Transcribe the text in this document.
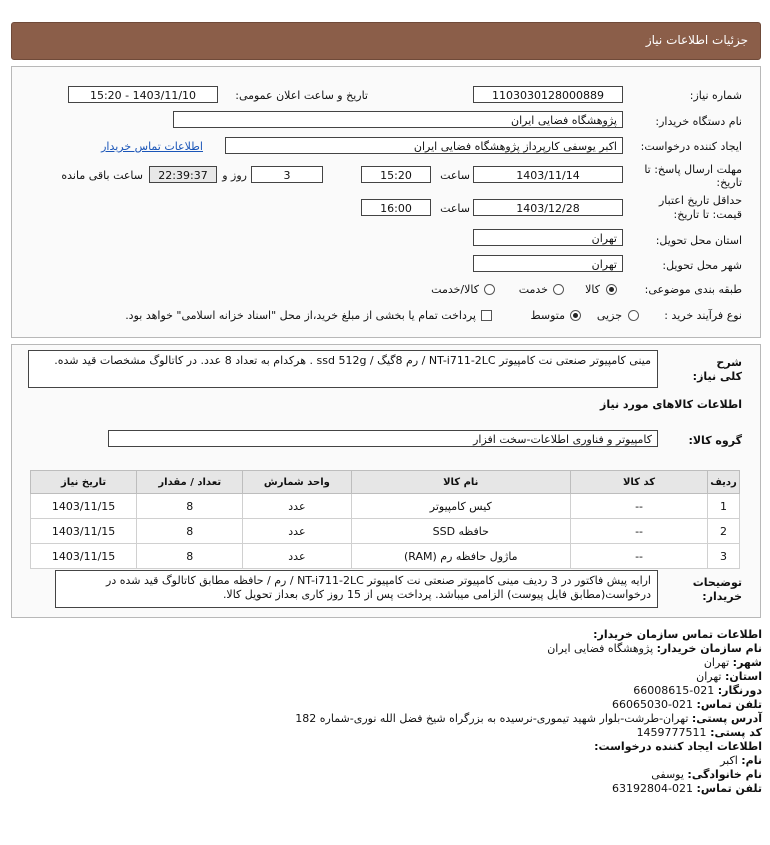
جزئیات اطلاعات نیاز
شماره نیاز:
1103030128000889
تاریخ و ساعت اعلان عمومی:
1403/11/10 - 15:20
نام دستگاه خریدار:
پژوهشگاه فضایی ایران
ایجاد کننده درخواست:
اکبر یوسفی کارپرداز پژوهشگاه فضایی ایران
اطلاعات تماس خریدار
مهلت ارسال پاسخ: تا
تاریخ:
1403/11/14
ساعت
15:20
3
روز و
22:39:37
ساعت باقی مانده
حداقل تاریخ اعتبار
قیمت: تا تاریخ:
1403/12/28
ساعت
16:00
استان محل تحویل:
تهران
شهر محل تحویل:
تهران
طبقه بندی موضوعی:
کالا
خدمت
کالا/خدمت
نوع فرآیند خرید :
جزیی
متوسط
پرداخت تمام یا بخشی از مبلغ خرید،از محل "اسناد خزانه اسلامی" خواهد بود.
شرح کلی نیاز:
مینی کامپیوتر صنعتی نت کامپیوتر NT-i711-2LC / رم 8گیگ / ssd 512g . هرکدام به تعداد 8 عدد. در کاتالوگ مشخصات قید شده.
اطلاعات کالاهای مورد نیاز
گروه کالا:
کامپیوتر و فناوری اطلاعات-سخت افزار
ردیف	کد کالا	نام کالا	واحد شمارش	تعداد / مقدار	تاریخ نیاز
1	--	کیس کامپیوتر	عدد	8	1403/11/15
2	--	حافظه SSD	عدد	8	1403/11/15
3	--	ماژول حافظه رم (RAM)	عدد	8	1403/11/15
توضیحات
خریدار:
ارایه پیش فاکتور در 3 ردیف مینی کامپیوتر صنعتی نت کامپیوتر NT-i711-2LC / رم / حافظه مطابق کاتالوگ قید شده در درخواست(مطابق فایل پیوست) الزامی میباشد. پرداخت پس از 15 روز کاری بعداز تحویل کالا.
اطلاعات تماس سازمان خریدار:
نام سازمان خریدار: پژوهشگاه فضایی ایران
شهر: تهران
استان: تهران
دورنگار: 021-66008615
تلفن تماس: 021-66065030
آدرس پستی: تهران-طرشت-بلوار شهید تیموری-نرسیده به بزرگراه شیخ فضل الله نوری-شماره 182
کد پستی: 1459777511
اطلاعات ایجاد کننده درخواست:
نام: اکبر
نام خانوادگی: یوسفی
تلفن تماس: 021-63192804
